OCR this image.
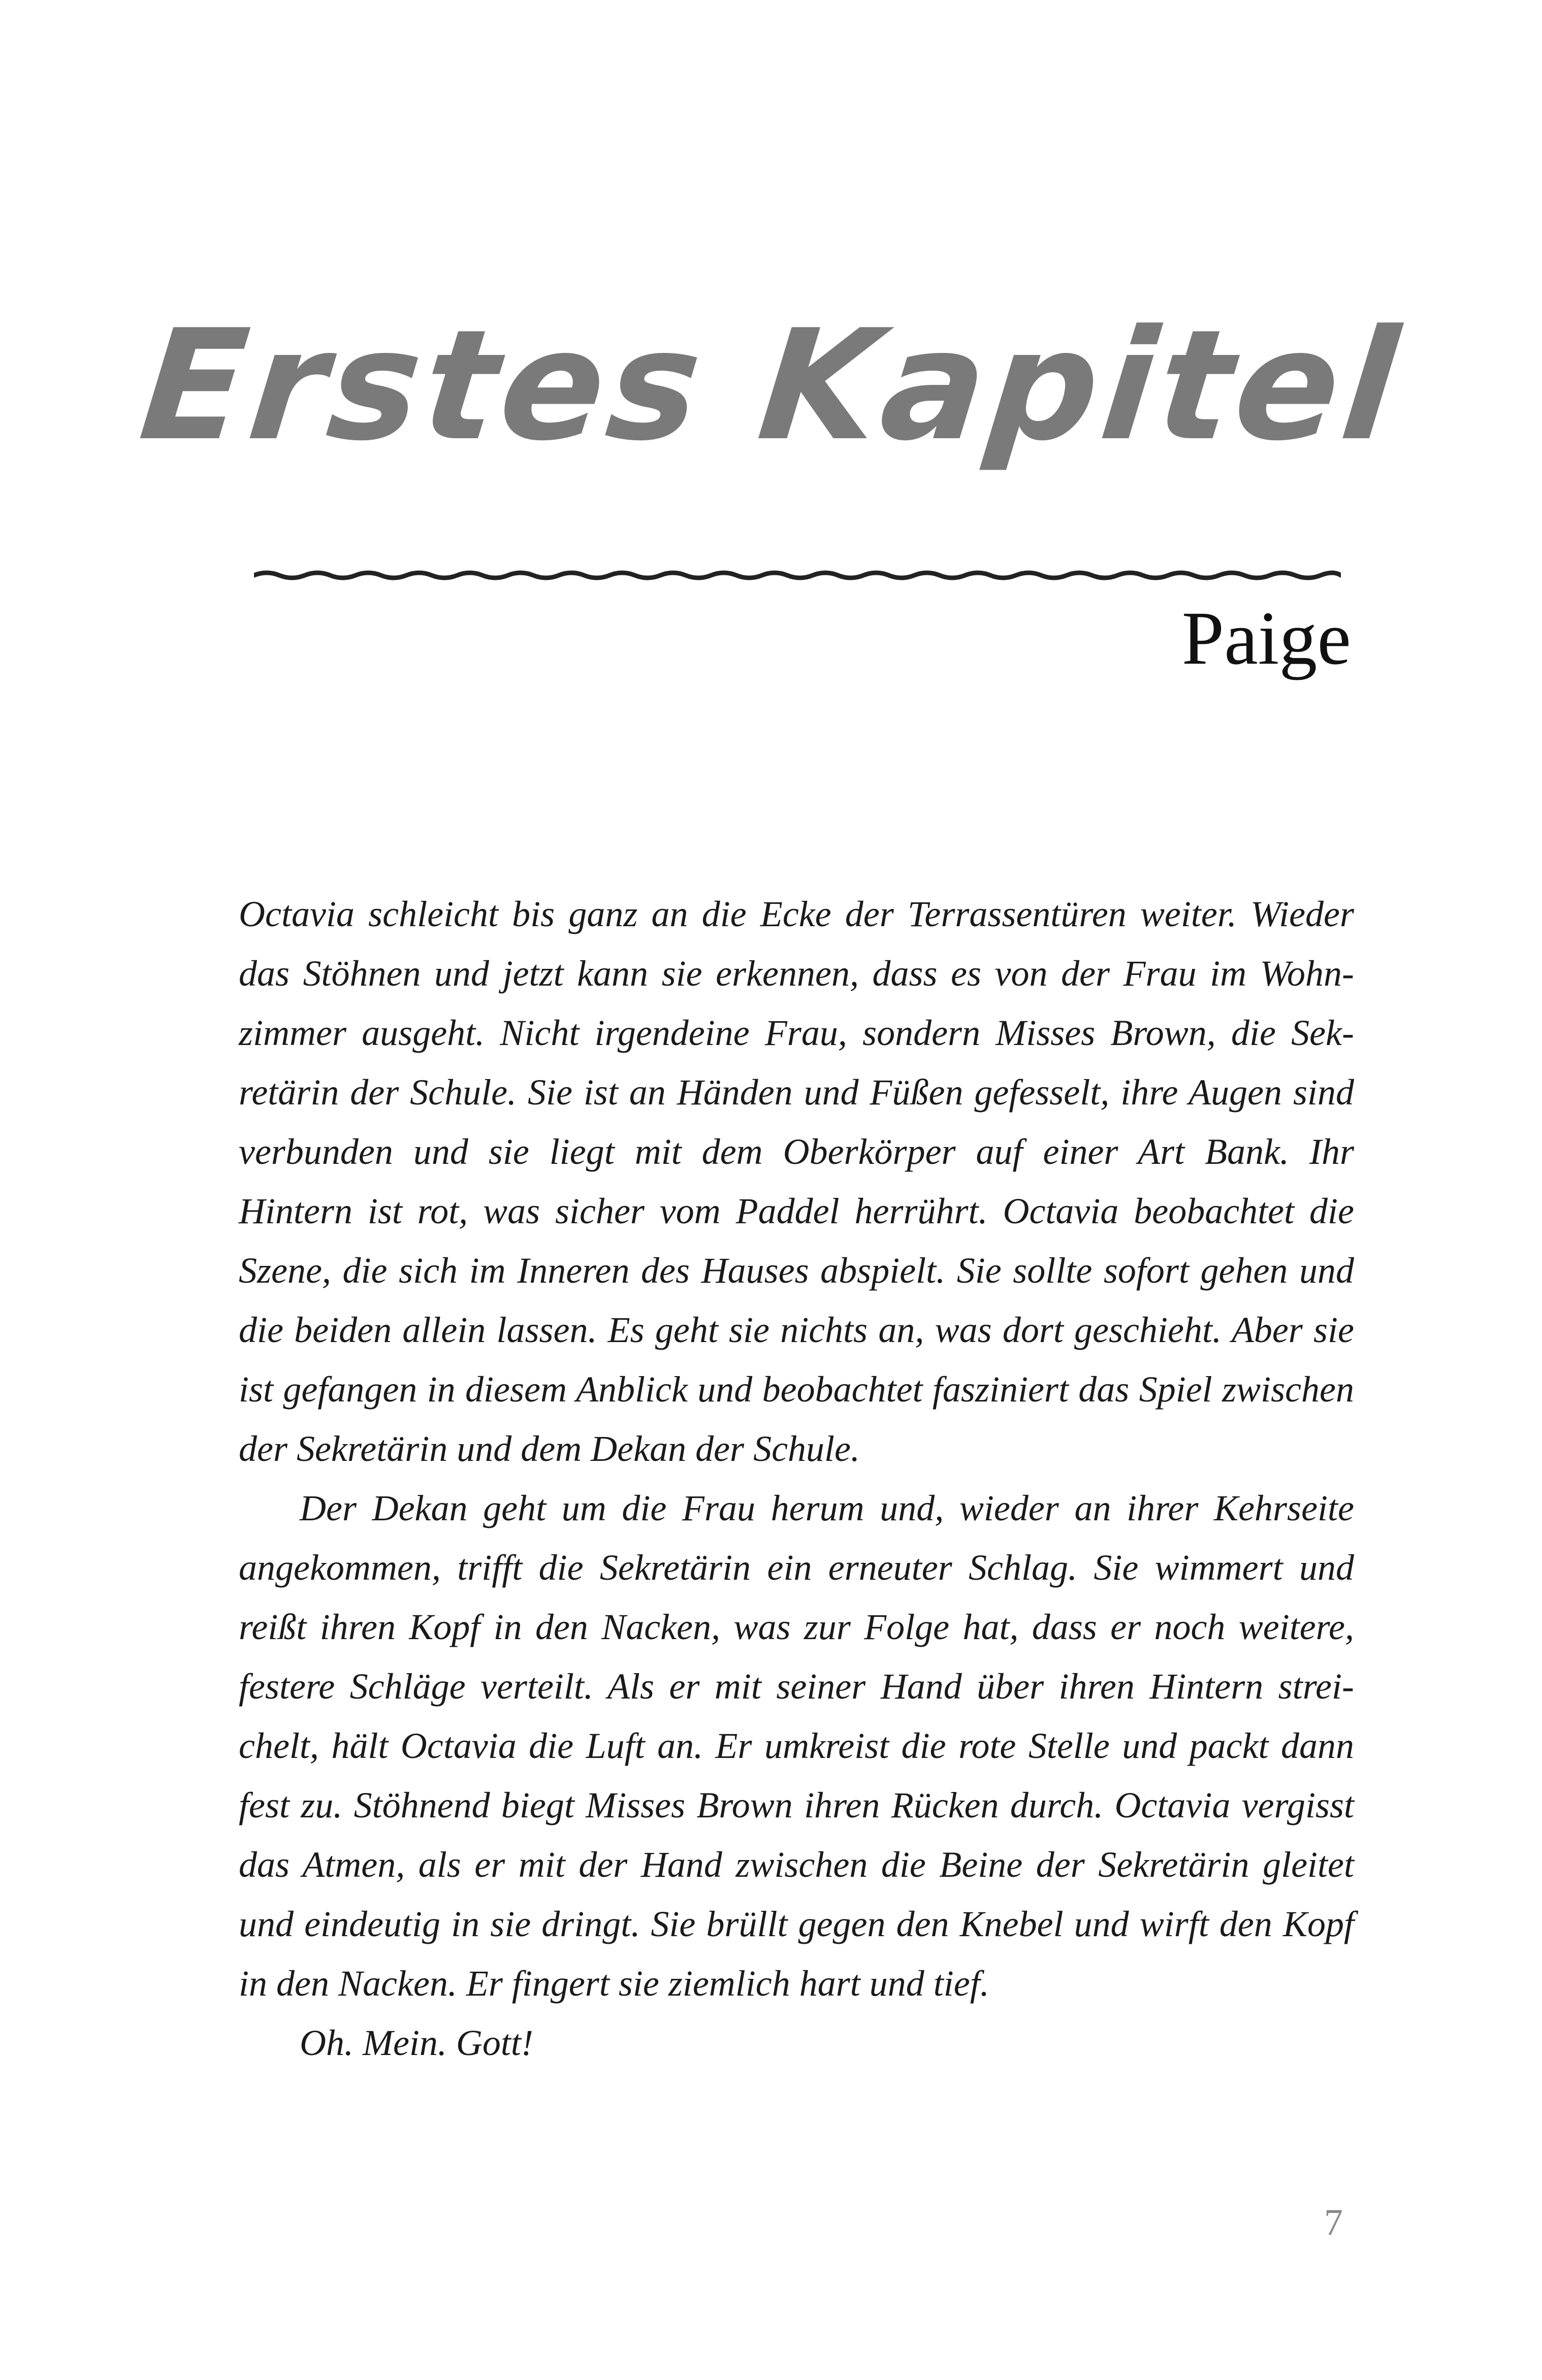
Erstes Kapitel
Paige

Octavia schleicht bis ganz an die Ecke der Terrassentüren weiter. Wieder das Stöhnen und jetzt kann sie erkennen, dass es von der Frau im Wohnzimmer ausgeht. Nicht irgendeine Frau, sondern Misses Brown, die Sekretärin der Schule. Sie ist an Händen und Füßen gefesselt, ihre Augen sind verbunden und sie liegt mit dem Oberkörper auf einer Art Bank. Ihr Hintern ist rot, was sicher vom Paddel herrührt. Octavia beobachtet die Szene, die sich im Inneren des Hauses abspielt. Sie sollte sofort gehen und die beiden allein lassen. Es geht sie nichts an, was dort geschieht. Aber sie ist gefangen in diesem Anblick und beobachtet fasziniert das Spiel zwischen der Sekretärin und dem Dekan der Schule.

Der Dekan geht um die Frau herum und, wieder an ihrer Kehrseite angekommen, trifft die Sekretärin ein erneuter Schlag. Sie wimmert und reißt ihren Kopf in den Nacken, was zur Folge hat, dass er noch weitere, festere Schläge verteilt. Als er mit seiner Hand über ihren Hintern streichelt, hält Octavia die Luft an. Er umkreist die rote Stelle und packt dann fest zu. Stöhnend biegt Misses Brown ihren Rücken durch. Octavia vergisst das Atmen, als er mit der Hand zwischen die Beine der Sekretärin gleitet und eindeutig in sie dringt. Sie brüllt gegen den Knebel und wirft den Kopf in den Nacken. Er fingert sie ziemlich hart und tief.

Oh. Mein. Gott!

7
